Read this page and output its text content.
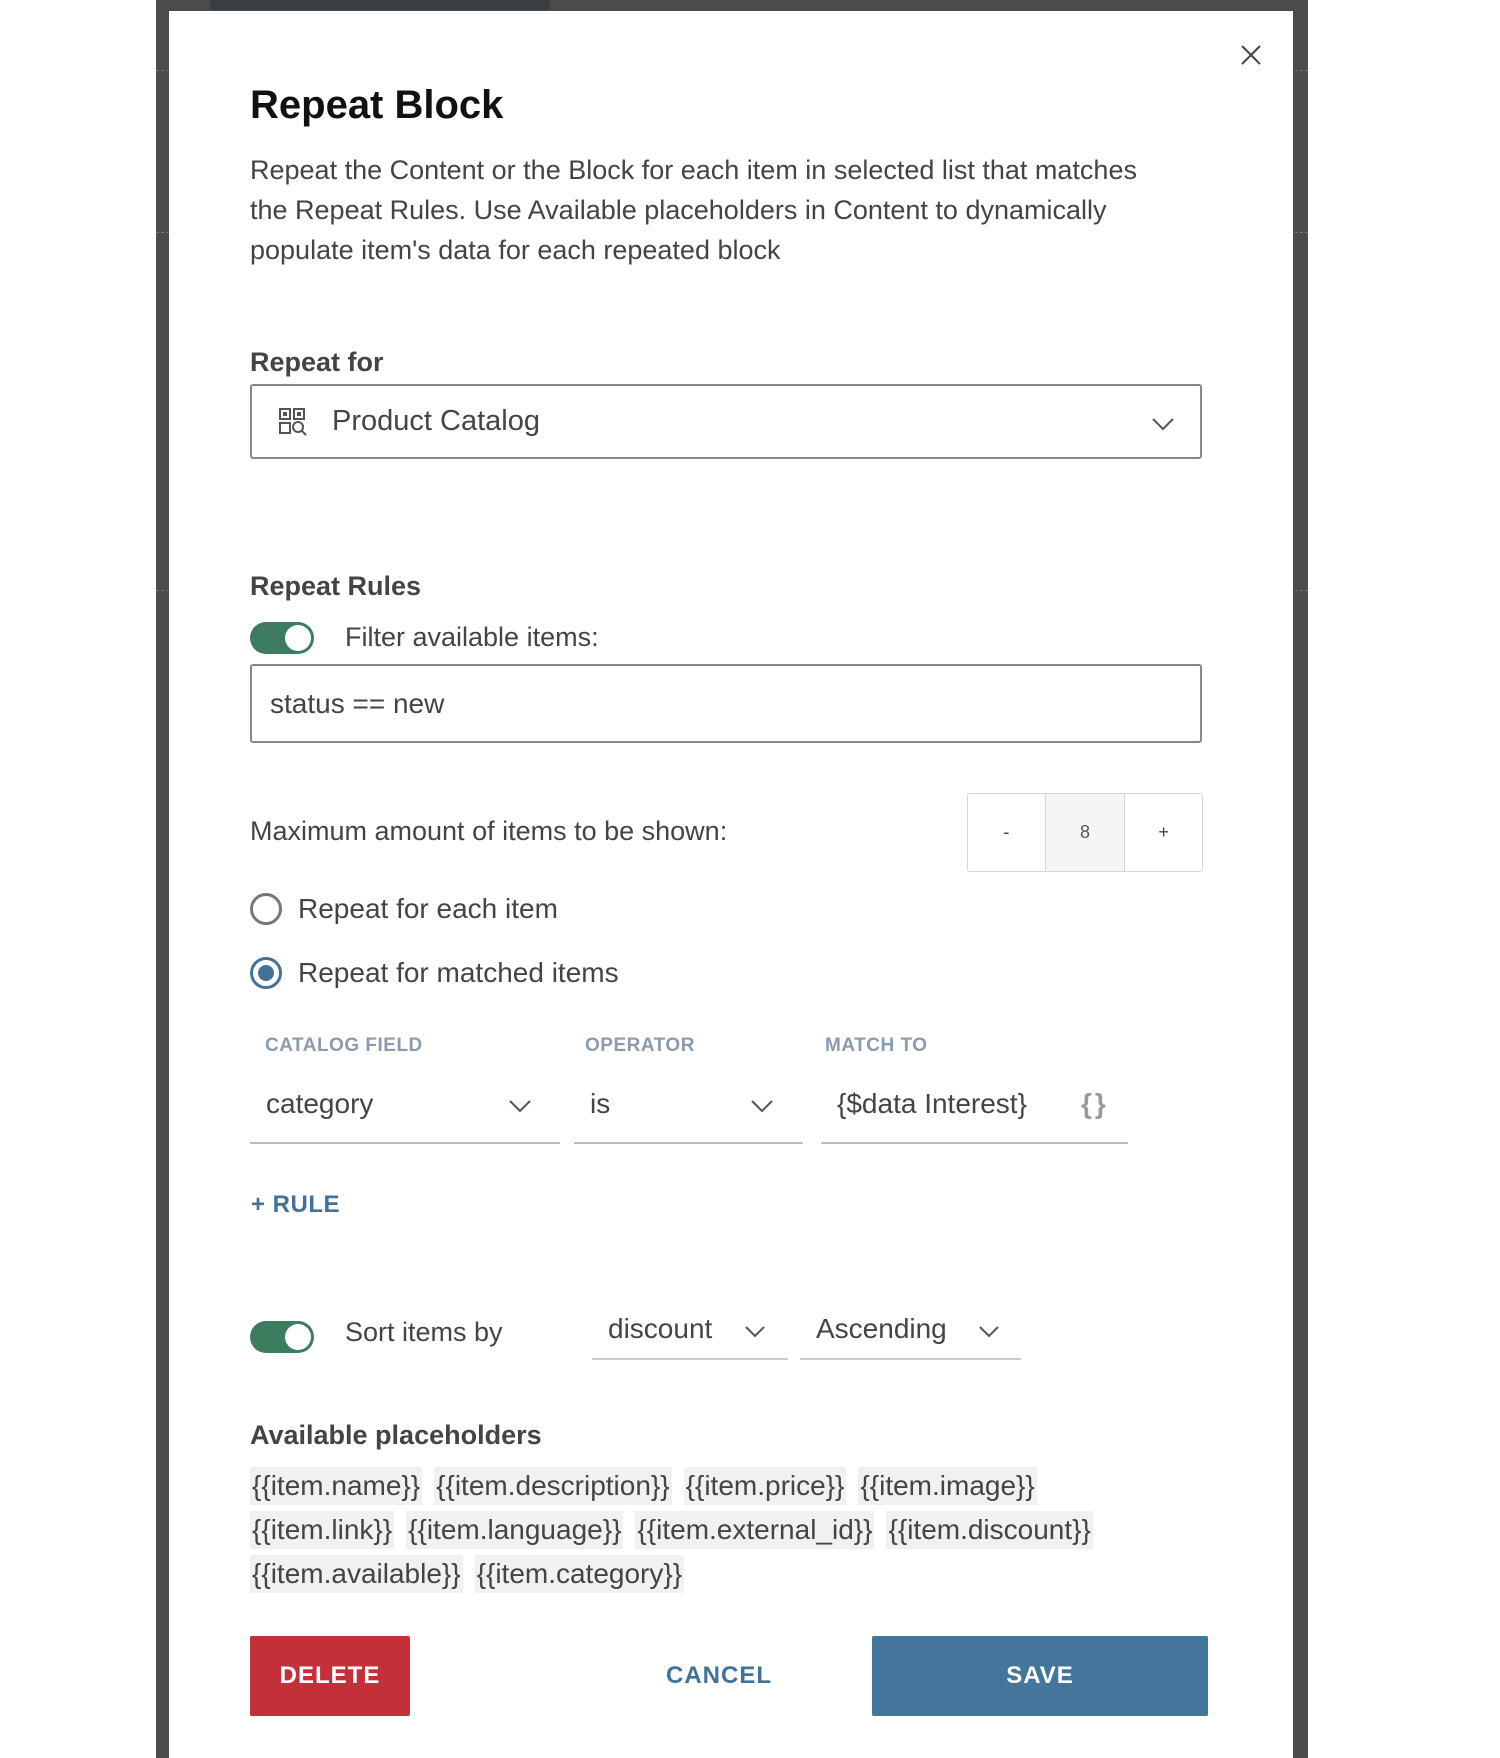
Repeat Block
Repeat the Content or the Block for each item in selected list that matches the Repeat Rules. Use Available placeholders in Content to dynamically populate item's data for each repeated block
Repeat for
Product Catalog
Repeat Rules
Filter available items:
status == new
Maximum amount of items to be shown:	-	8	+
Repeat for each item
Repeat for matched items
CATALOG FIELD	OPERATOR	MATCH TO
category	is	{$data Interest} {}
+ RULE
Sort items by	discount	Ascending
Available placeholders
{{item.name}} {{item.description}} {{item.price}} {{item.image}}
{{item.link}} {{item.language}} {{item.external_id}} {{item.discount}}
{{item.available}} {{item.category}}
DELETE	CANCEL	SAVE
